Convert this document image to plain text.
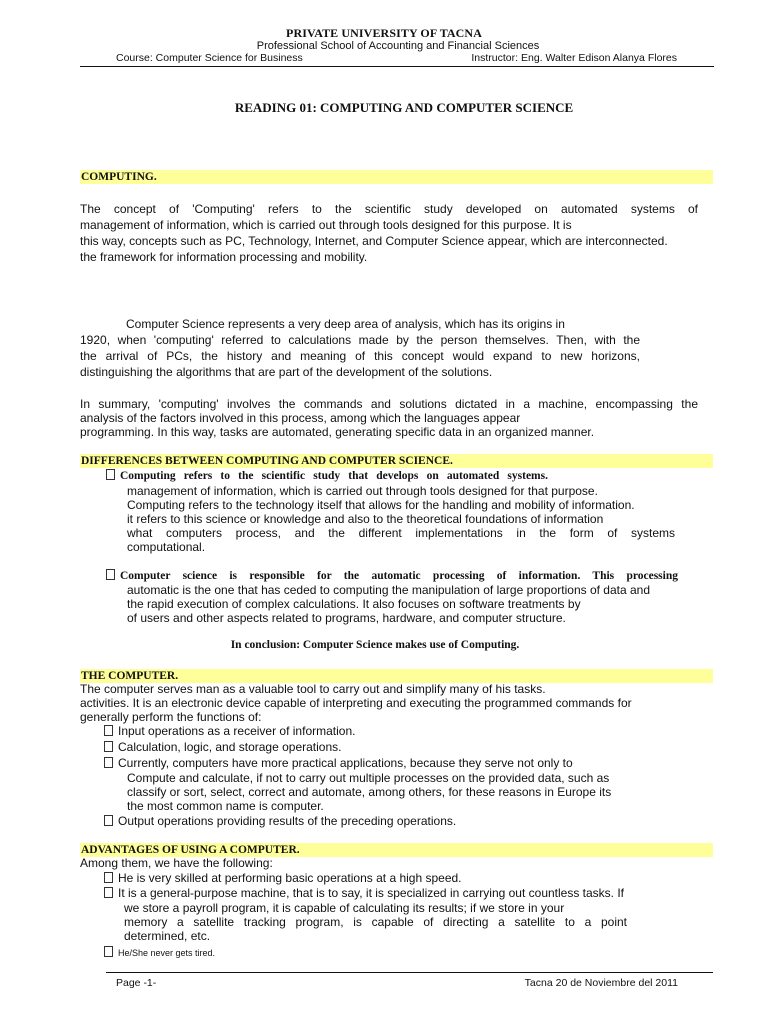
PRIVATE UNIVERSITY OF TACNA
Professional School of Accounting and Financial Sciences
Course: Computer Science for Business	Instructor: Eng. Walter Edison Alanya Flores
READING 01: COMPUTING AND COMPUTER SCIENCE
COMPUTING.
The concept of 'Computing' refers to the scientific study developed on automated systems of
management of information, which is carried out through tools designed for this purpose. It is
this way, concepts such as PC, Technology, Internet, and Computer Science appear, which are interconnected.
the framework for information processing and mobility.
Computer Science represents a very deep area of analysis, which has its origins in
1920, when 'computing' referred to calculations made by the person themselves. Then, with the
the arrival of PCs, the history and meaning of this concept would expand to new horizons,
distinguishing the algorithms that are part of the development of the solutions.
In summary, 'computing' involves the commands and solutions dictated in a machine, encompassing the
analysis of the factors involved in this process, among which the languages appear
programming. In this way, tasks are automated, generating specific data in an organized manner.
DIFFERENCES BETWEEN COMPUTING AND COMPUTER SCIENCE.
Computing refers to the scientific study that develops on automated systems.
management of information, which is carried out through tools designed for that purpose.
Computing refers to the technology itself that allows for the handling and mobility of information.
it refers to this science or knowledge and also to the theoretical foundations of information
what computers process, and the different implementations in the form of systems
computational.
Computer science is responsible for the automatic processing of information. This processing
automatic is the one that has ceded to computing the manipulation of large proportions of data and
the rapid execution of complex calculations. It also focuses on software treatments by
of users and other aspects related to programs, hardware, and computer structure.
In conclusion: Computer Science makes use of Computing.
THE COMPUTER.
The computer serves man as a valuable tool to carry out and simplify many of his tasks.
activities. It is an electronic device capable of interpreting and executing the programmed commands for
generally perform the functions of:
Input operations as a receiver of information.
Calculation, logic, and storage operations.
Currently, computers have more practical applications, because they serve not only to
Compute and calculate, if not to carry out multiple processes on the provided data, such as
classify or sort, select, correct and automate, among others, for these reasons in Europe its
the most common name is computer.
Output operations providing results of the preceding operations.
ADVANTAGES OF USING A COMPUTER.
Among them, we have the following:
He is very skilled at performing basic operations at a high speed.
It is a general-purpose machine, that is to say, it is specialized in carrying out countless tasks. If
we store a payroll program, it is capable of calculating its results; if we store in your
memory a satellite tracking program, is capable of directing a satellite to a point
determined, etc.
He/She never gets tired.
Page -1-	Tacna 20 de Noviembre del 2011
